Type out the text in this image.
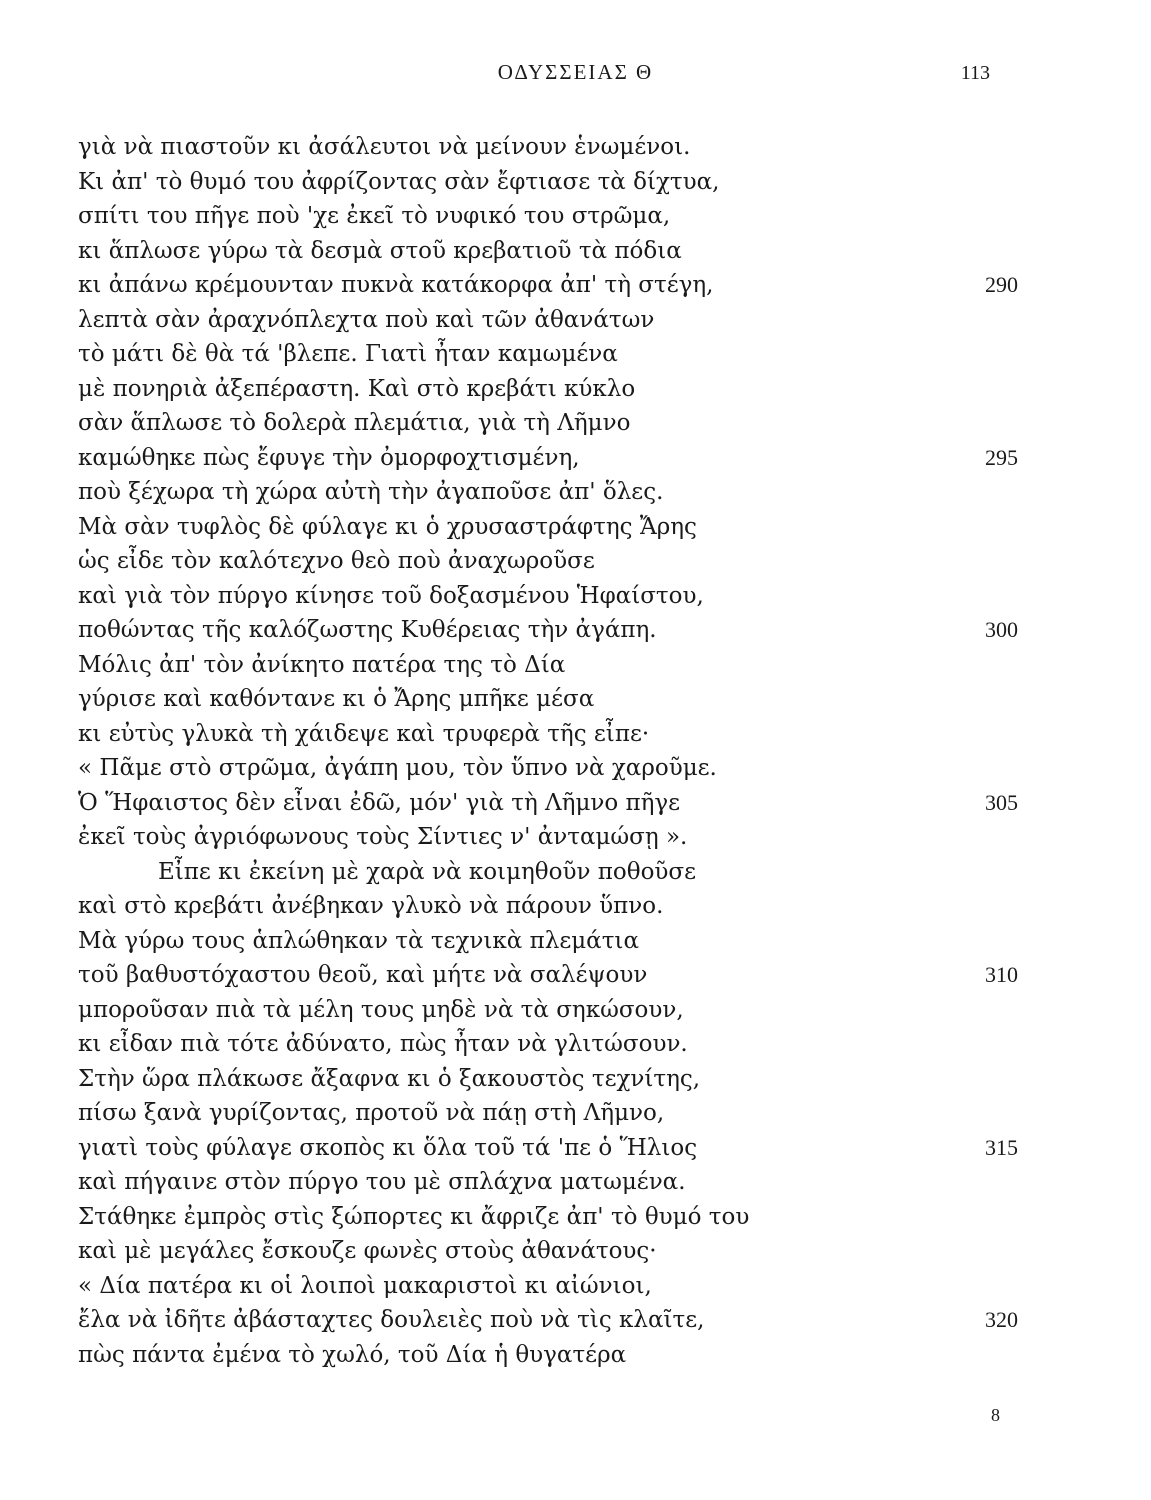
ΟΔΥΣΣΕΙΑΣ Θ	113
γιὰ νὰ πιαστοῦν κι ἀσάλευτοι νὰ μείνουν ἑνωμένοι.
Κι ἀπ' τὸ θυμό του ἀφρίζοντας σὰν ἔφτιασε τὰ δίχτυα,
σπίτι του πῆγε ποὺ 'χε ἐκεῖ τὸ νυφικό του στρῶμα,
κι ἅπλωσε γύρω τὰ δεσμὰ στοῦ κρεβατιοῦ τὰ πόδια
κι ἀπάνω κρέμουνταν πυκνὰ κατάκορφα ἀπ' τὴ στέγη,	290
λεπτὰ σὰν ἀραχνόπλεχτα ποὺ καὶ τῶν ἀθανάτων
τὸ μάτι δὲ θὰ τά 'βλεπε. Γιατὶ ἦταν καμωμένα
μὲ πονηριὰ ἀξεπέραστη. Καὶ στὸ κρεβάτι κύκλο
σὰν ἅπλωσε τὸ δολερὰ πλεμάτια, γιὰ τὴ Λῆμνο
καμώθηκε πὼς ἔφυγε τὴν ὀμορφοχτισμένη,	295
ποὺ ξέχωρα τὴ χώρα αὐτὴ τὴν ἀγαποῦσε ἀπ' ὅλες.
Μὰ σὰν τυφλὸς δὲ φύλαγε κι ὁ χρυσαστράφτης Ἄρης
ὡς εἶδε τὸν καλότεχνο θεὸ ποὺ ἀναχωροῦσε
καὶ γιὰ τὸν πύργο κίνησε τοῦ δοξασμένου Ἡφαίστου,
ποθώντας τῆς καλόζωστης Κυθέρειας τὴν ἀγάπη.	300
Μόλις ἀπ' τὸν ἀνίκητο πατέρα της τὸ Δία
γύρισε καὶ καθόντανε κι ὁ Ἄρης μπῆκε μέσα
κι εὐτὺς γλυκὰ τὴ χάιδεψε καὶ τρυφερὰ τῆς εἶπε·
« Πᾶμε στὸ στρῶμα, ἀγάπη μου, τὸν ὕπνο νὰ χαροῦμε.
Ὁ Ἥφαιστος δὲν εἶναι ἐδῶ, μόν' γιὰ τὴ Λῆμνο πῆγε	305
ἐκεῖ τοὺς ἀγριόφωνους τοὺς Σίντιες ν' ἀνταμώσῃ ».
Εἶπε κι ἐκείνη μὲ χαρὰ νὰ κοιμηθοῦν ποθοῦσε
καὶ στὸ κρεβάτι ἀνέβηκαν γλυκὸ νὰ πάρουν ὕπνο.
Μὰ γύρω τους ἁπλώθηκαν τὰ τεχνικὰ πλεμάτια
τοῦ βαθυστόχαστου θεοῦ, καὶ μήτε νὰ σαλέψουν	310
μποροῦσαν πιὰ τὰ μέλη τους μηδὲ νὰ τὰ σηκώσουν,
κι εἶδαν πιὰ τότε ἀδύνατο, πὼς ἦταν νὰ γλιτώσουν.
Στὴν ὥρα πλάκωσε ἄξαφνα κι ὁ ξακουστὸς τεχνίτης,
πίσω ξανὰ γυρίζοντας, προτοῦ νὰ πάῃ στὴ Λῆμνο,
γιατὶ τοὺς φύλαγε σκοπὸς κι ὅλα τοῦ τά 'πε ὁ Ἥλιος	315
καὶ πήγαινε στὸν πύργο του μὲ σπλάχνα ματωμένα.
Στάθηκε ἐμπρὸς στὶς ξώπορτες κι ἄφριζε ἀπ' τὸ θυμό του
καὶ μὲ μεγάλες ἔσκουζε φωνὲς στοὺς ἀθανάτους·
« Δία πατέρα κι οἱ λοιποὶ μακαριστοὶ κι αἰώνιοι,
ἔλα νὰ ἰδῆτε ἀβάσταχτες δουλειὲς ποὺ νὰ τὶς κλαῖτε,	320
πὼς πάντα ἐμένα τὸ χωλό, τοῦ Δία ἡ θυγατέρα
8
